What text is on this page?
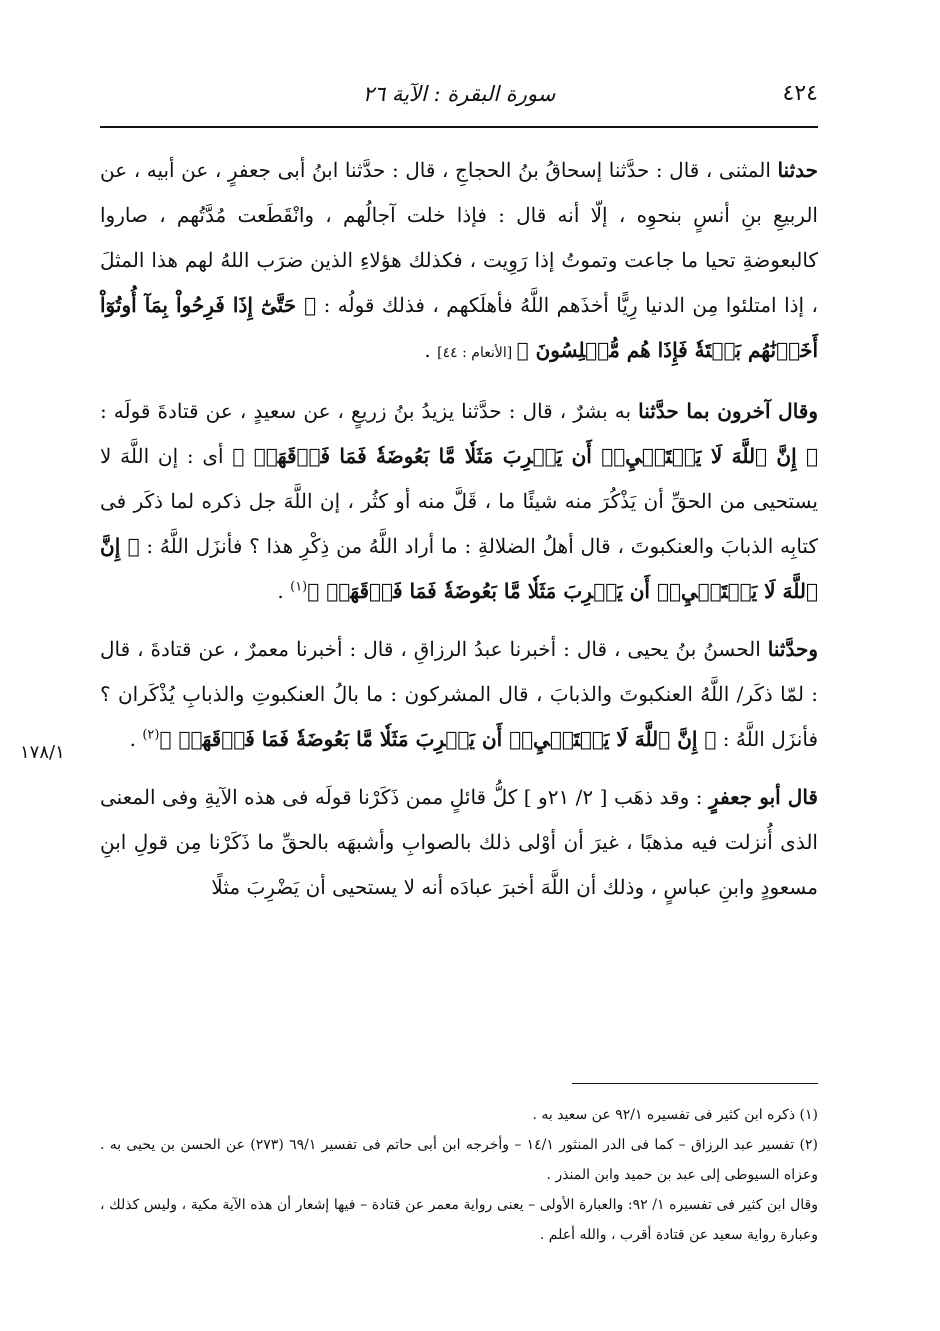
٤٢٤
سورة البقرة : الآية ٢٦
١٧٨/١

حدثنا المثنى ، قال : حدَّثنا إسحاقُ بنُ الحجاجِ ، قال : حدَّثنا ابنُ أبى جعفرٍ ، عن أبيه ، عن الربيعِ بنِ أنسٍ بنحوِه ، إلّا أنه قال : فإذا خلت آجالُهم ، وانْقَطَعت مُدَّتُهم ، صاروا كالبعوضةِ تحيا ما جاعت وتموتُ إذا رَوِيت ، فكذلك هؤلاءِ الذين ضرَب اللهُ لهم هذا المثلَ ، إذا امتلئوا مِن الدنيا رِيًّا أخذَهم اللَّهُ فأهلَكهم ، فذلك قولُه : ﴿ حَتَّىٰٓ إِذَا فَرِحُواْ بِمَآ أُوتُوٓاْ أَخَذۡنَٰهُم بَغۡتَةٗ فَإِذَا هُم مُّبۡلِسُونَ ﴾ [الأنعام : ٤٤] .

وقال آخرون بما حدَّثنا به بشرٌ ، قال : حدَّثنا يزيدُ بنُ زريعٍ ، عن سعيدٍ ، عن قتادةَ قولَه : ﴿ إِنَّ ٱللَّهَ لَا يَسۡتَحۡيِۦٓ أَن يَضۡرِبَ مَثَلٗا مَّا بَعُوضَةٗ فَمَا فَوۡقَهَاۚ ﴾ أى : إن اللَّهَ لا يستحيى من الحقِّ أن يَذْكُرَ منه شيئًا ما ، قَلَّ منه أو كثُر ، إن اللَّهَ جل ذكره لما ذكَر فى كتابِه الذبابَ والعنكبوتَ ، قال أهلُ الضلالةِ : ما أراد اللَّهُ من ذِكْرِ هذا ؟ فأنزَل اللَّهُ : ﴿ إِنَّ ٱللَّهَ لَا يَسۡتَحۡيِۦٓ أَن يَضۡرِبَ مَثَلٗا مَّا بَعُوضَةٗ فَمَا فَوۡقَهَاۚ ﴾$^{(١)}$ .

وحدَّثنا الحسنُ بنُ يحيى ، قال : أخبرنا عبدُ الرزاقِ ، قال : أخبرنا معمرٌ ، عن قتادةَ ، قال : لمّا ذكَر/ اللَّهُ العنكبوتَ والذبابَ ، قال المشركون : ما بالُ العنكبوتِ والذبابِ يُذْكَران ؟ فأنزَل اللَّهُ : ﴿ إِنَّ ٱللَّهَ لَا يَسۡتَحۡيِۦٓ أَن يَضۡرِبَ مَثَلٗا مَّا بَعُوضَةٗ فَمَا فَوۡقَهَاۚ ﴾$^{(٢)}$ .

قال أبو جعفرٍ : وقد ذهَب [ ٢/ ٢١و ] كلُّ قائلٍ ممن ذَكَرْنا قولَه فى هذه الآيةِ وفى المعنى الذى أُنزلت فيه مذهبًا ، غيرَ أن أوْلى ذلك بالصوابِ وأشبهَه بالحقِّ ما ذَكَرْنا مِن قولِ ابنِ مسعودٍ وابنِ عباسٍ ، وذلك أن اللَّهَ أخبرَ عبادَه أنه لا يستحيى أن يَضْرِبَ مثلًا

(١) ذكره ابن كثير فى تفسيره ٩٢/١ عن سعيد به .

(٢) تفسير عبد الرزاق – كما فى الدر المنثور ١٤/١ – وأخرجه ابن أبى حاتم فى تفسير ٦٩/١ (٢٧٣) عن الحسن بن يحيى به . وعزاه السيوطى إلى عبد بن حميد وابن المنذر .

وقال ابن كثير فى تفسيره ١/ ٩٢: والعبارة الأولى – يعنى رواية معمر عن قتادة – فيها إشعار أن هذه الآية مكية ، وليس كذلك ، وعبارة رواية سعيد عن قتادة أقرب ، والله أعلم .
